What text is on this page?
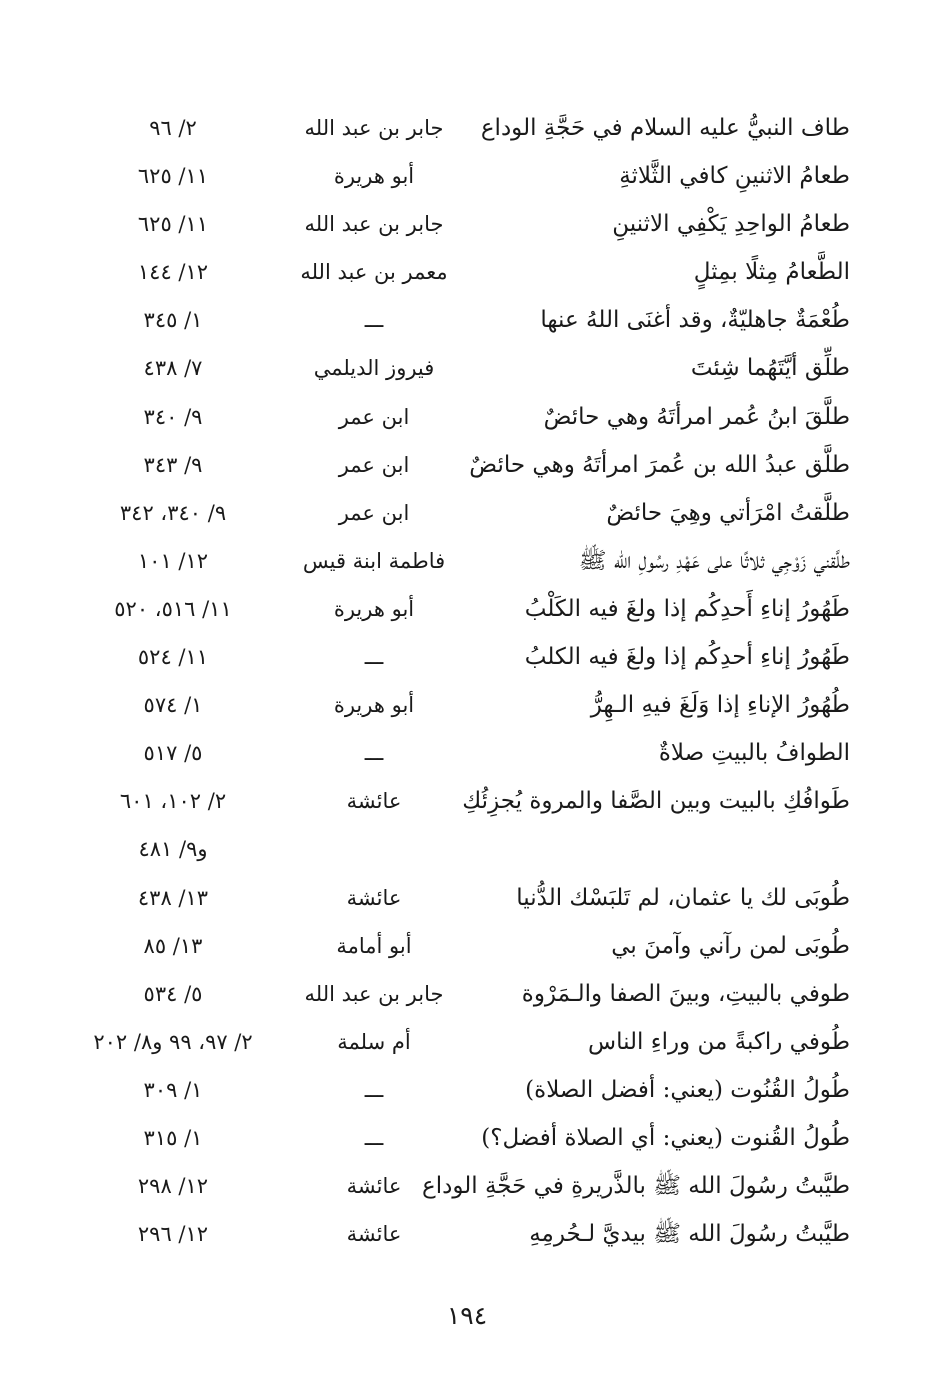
طاف النبيُّ عليه السلام في حَجَّةِ الوداع
جابر بن عبد الله
٢/ ٩٦
طعامُ الاثنينِ كافي الثَّلاثةِ
أبو هريرة
١١/ ٦٢٥
طعامُ الواحِدِ يَكْفِي الاثنينِ
جابر بن عبد الله
١١/ ٦٢٥
الطَّعامُ مِثلًا بمِثلٍ
معمر بن عبد الله
١٢/ ١٤٤
طُعْمَةٌ جاهليّةٌ، وقد أغنَى اللهُ عنها
ـــ
١/ ٣٤٥
طلِّق أيَّتَهُما شِئتَ
فيروز الديلمي
٧/ ٤٣٨
طلَّقَ ابنُ عُمر امرأتَهُ وهي حائضٌ
ابن عمر
٩/ ٣٤٠
طلَّق عبدُ الله بن عُمرَ امرأتَهُ وهي حائضٌ
ابن عمر
٩/ ٣٤٣
طلَّقتُ امْرَأتي وهِيَ حائضٌ
ابن عمر
٩/ ٣٤٠، ٣٤٢
طلَّقني زَوْجِي ثلاثًا على عَهْدِ رسُولِ الله ﷺ
فاطمة ابنة قيس
١٢/ ١٠١
طَهُورُ إناءِ أَحدِكُم إذا ولغَ فيه الكَلْبُ
أبو هريرة
١١/ ٥١٦، ٥٢٠
طَهُورُ إناءِ أحدِكُم إذا ولغَ فيه الكلبُ
ـــ
١١/ ٥٢٤
طُهُورُ الإناءِ إذا وَلَغَ فيهِ الـهِرُّ
أبو هريرة
١/ ٥٧٤
الطوافُ بالبيتِ صلاةٌ
ـــ
٥/ ٥١٧
طَوافُكِ بالبيت وبين الصَّفا والمروة يُجزِئُكِ
عائشة
٢/ ١٠٢، ٦٠١
و٩/ ٤٨١
طُوبَى لك يا عثمان، لم تَلبَسْك الدُّنيا
عائشة
١٣/ ٤٣٨
طُوبَى لمن رآني وآمنَ بي
أبو أمامة
١٣/ ٨٥
طوفي بالبيتِ، وبينَ الصفا والـمَرْوة
جابر بن عبد الله
٥/ ٥٣٤
طُوفي راكبةً من وراءِ الناس
أم سلمة
٢/ ٩٧، ٩٩ و٨/ ٢٠٢
طُولُ القُنُوت (يعني: أفضل الصلاة)
ـــ
١/ ٣٠٩
طُولُ القُنوت (يعني: أي الصلاة أفضل؟)
ـــ
١/ ٣١٥
طيَّبتُ رسُولَ الله ﷺ بالذَّريرةِ في حَجَّةِ الوداع
عائشة
١٢/ ٢٩٨
طيَّبتُ رسُولَ الله ﷺ بيديَّ لـحُرمِهِ
عائشة
١٢/ ٢٩٦
١٩٤
